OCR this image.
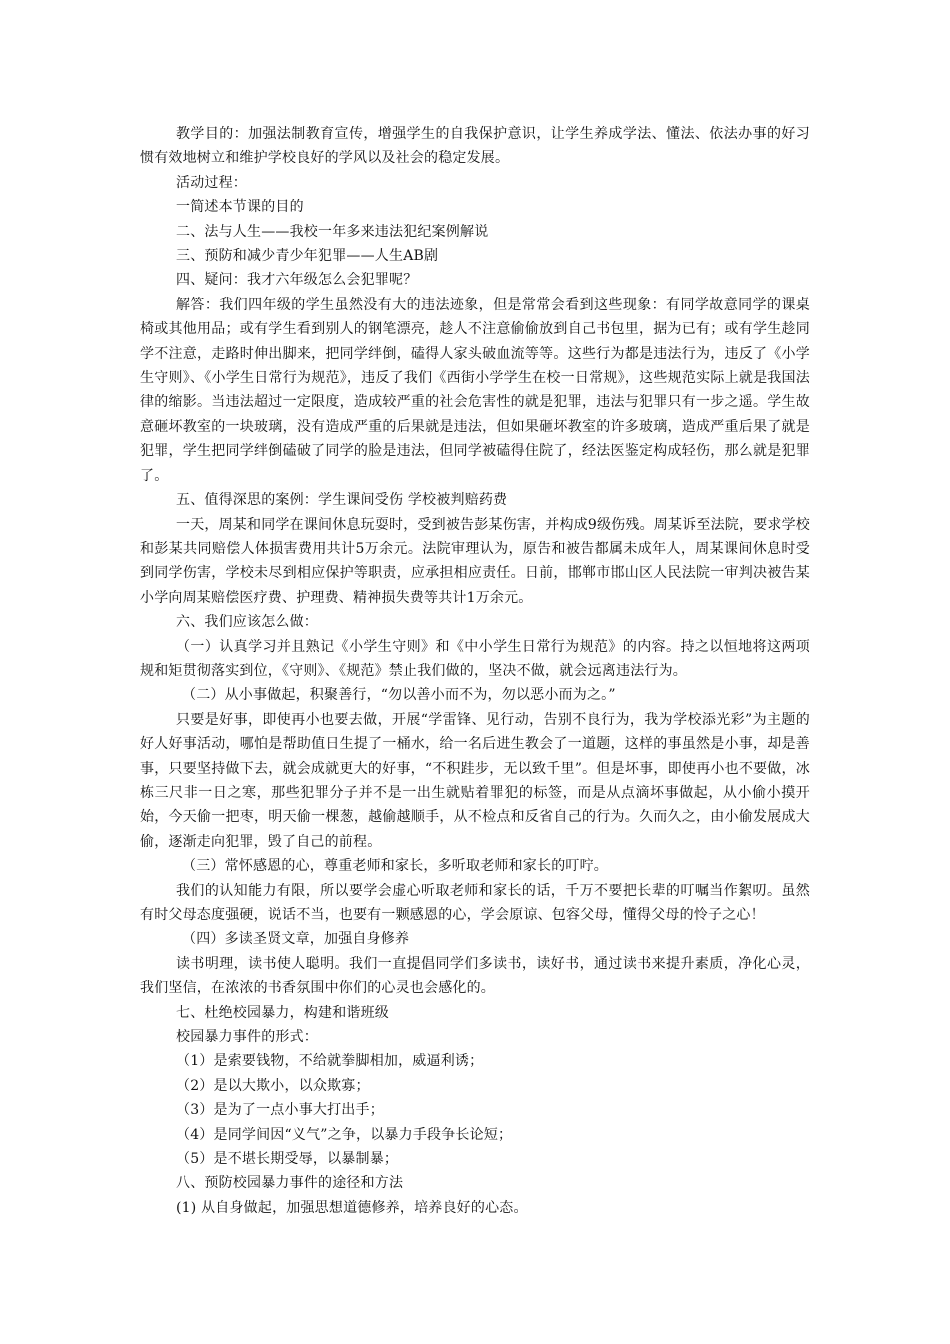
教学目的：加强法制教育宣传，增强学生的自我保护意识，让学生养成学法、懂法、依法办事的好习惯有效地树立和维护学校良好的学风以及社会的稳定发展。

活动过程：

一简述本节课的目的

二、法与人生——我校一年多来违法犯纪案例解说

三、预防和减少青少年犯罪——人生AB剧

四、疑问：我才六年级怎么会犯罪呢？

解答：我们四年级的学生虽然没有大的违法迹象，但是常常会看到这些现象：有同学故意同学的课桌椅或其他用品；或有学生看到别人的钢笔漂亮，趁人不注意偷偷放到自己书包里，据为已有；或有学生趁同学不注意，走路时伸出脚来，把同学绊倒，磕得人家头破血流等等。这些行为都是违法行为，违反了《小学生守则》、《小学生日常行为规范》，违反了我们《西街小学学生在校一日常规》，这些规范实际上就是我国法律的缩影。当违法超过一定限度，造成较严重的社会危害性的就是犯罪，违法与犯罪只有一步之遥。学生故意砸坏教室的一块玻璃，没有造成严重的后果就是违法，但如果砸坏教室的许多玻璃，造成严重后果了就是犯罪，学生把同学绊倒磕破了同学的脸是违法，但同学被磕得住院了，经法医鉴定构成轻伤，那么就是犯罪了。

五、值得深思的案例：学生课间受伤 学校被判赔药费

一天，周某和同学在课间休息玩耍时，受到被告彭某伤害，并构成9级伤残。周某诉至法院，要求学校和彭某共同赔偿人体损害费用共计5万余元。法院审理认为，原告和被告都属未成年人，周某课间休息时受到同学伤害，学校未尽到相应保护等职责，应承担相应责任。日前，邯郸市邯山区人民法院一审判决被告某小学向周某赔偿医疗费、护理费、精神损失费等共计1万余元。

六、我们应该怎么做：

（一）认真学习并且熟记《小学生守则》和《中小学生日常行为规范》的内容。持之以恒地将这两项规和矩贯彻落实到位，《守则》、《规范》禁止我们做的，坚决不做，就会远离违法行为。

（二）从小事做起，积聚善行，“勿以善小而不为，勿以恶小而为之。”

只要是好事，即使再小也要去做，开展“学雷锋、见行动，告别不良行为，我为学校添光彩”为主题的好人好事活动，哪怕是帮助值日生提了一桶水，给一名后进生教会了一道题，这样的事虽然是小事，却是善事，只要坚持做下去，就会成就更大的好事，“不积跬步，无以致千里”。但是坏事，即使再小也不要做，冰栋三尺非一日之寒，那些犯罪分子并不是一出生就贴着罪犯的标签，而是从点滴坏事做起，从小偷小摸开始，今天偷一把枣，明天偷一棵葱，越偷越顺手，从不检点和反省自己的行为。久而久之，由小偷发展成大偷，逐渐走向犯罪，毁了自己的前程。

（三）常怀感恩的心，尊重老师和家长，多听取老师和家长的叮咛。

我们的认知能力有限，所以要学会虚心听取老师和家长的话，千万不要把长辈的叮嘱当作絮叨。虽然有时父母态度强硬，说话不当，也要有一颗感恩的心，学会原谅、包容父母，懂得父母的怜子之心！

（四）多读圣贤文章，加强自身修养

读书明理，读书使人聪明。我们一直提倡同学们多读书，读好书，通过读书来提升素质，净化心灵，我们坚信，在浓浓的书香氛围中你们的心灵也会感化的。

七、杜绝校园暴力，构建和谐班级

校园暴力事件的形式：

（1）是索要钱物，不给就拳脚相加，威逼利诱；

（2）是以大欺小，以众欺寡；

（3）是为了一点小事大打出手；

（4）是同学间因“义气”之争，以暴力手段争长论短；

（5）是不堪长期受辱，以暴制暴；

八、预防校园暴力事件的途径和方法

(1) 从自身做起，加强思想道德修养，培养良好的心态。
